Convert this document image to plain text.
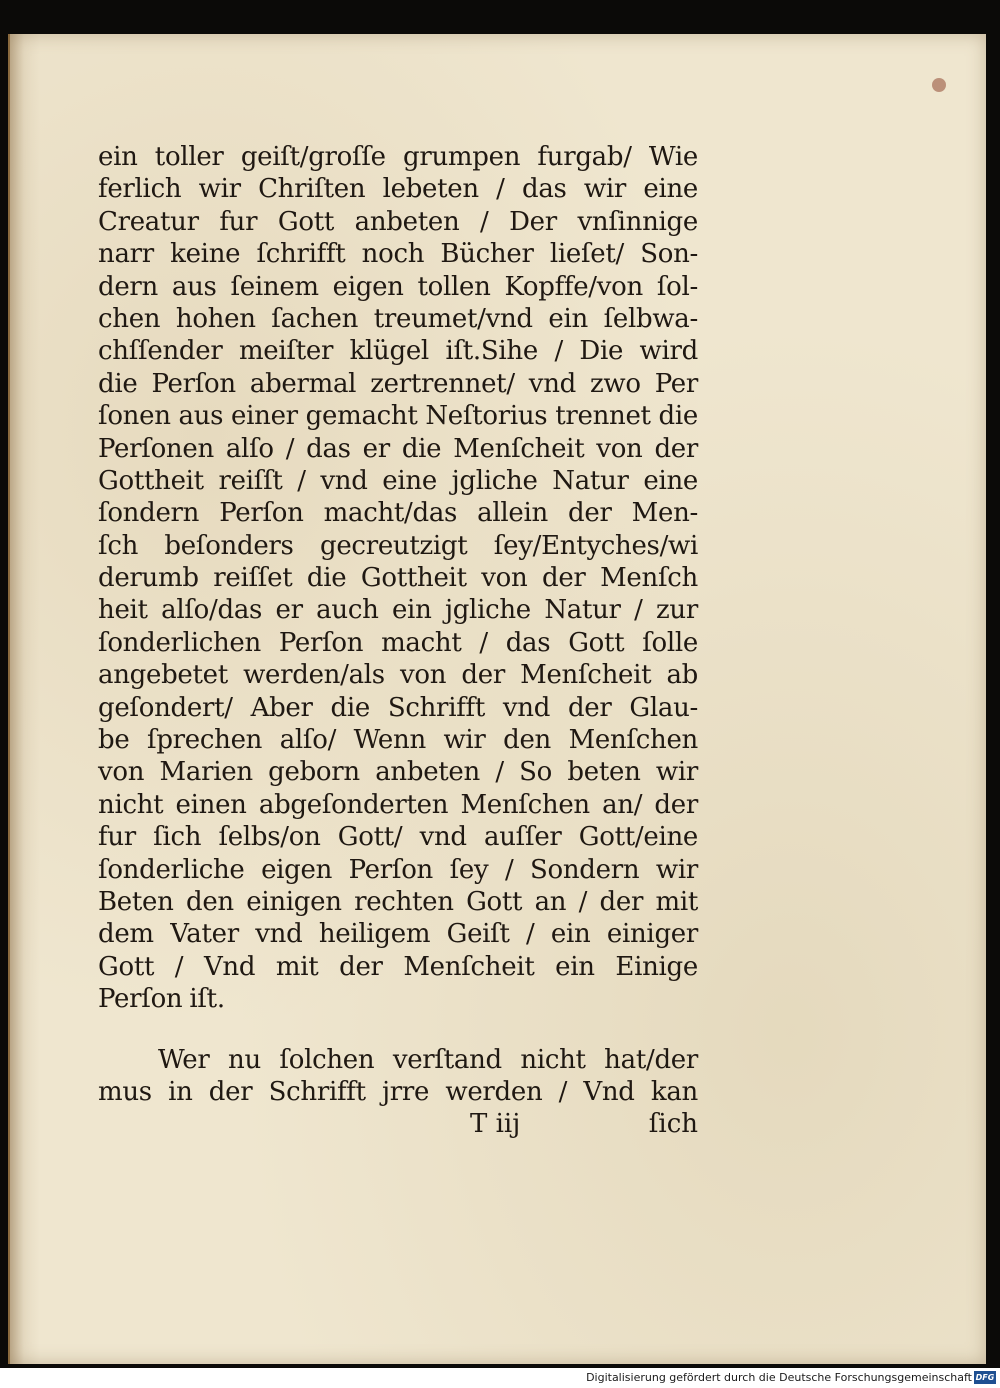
ein toller geiſt/groſſe grumpen furgab/ Wie
ferlich wir Chriſten lebeten / das wir eine
Creatur fur Gott anbeten / Der vnſinnige
narr keine ſchrifft noch Bücher lieſet/ Son-
dern aus ſeinem eigen tollen Kopffe/von ſol-
chen hohen ſachen treumet/vnd ein ſelbwa-
chſſender meiſter klügel iſt.Sihe / Die wird
die Perſon abermal zertrennet/ vnd zwo Per
ſonen aus einer gemacht Neſtorius trennet die
Perſonen alſo / das er die Menſcheit von der
Gottheit reiſſt / vnd eine jgliche Natur eine
ſondern Perſon macht/das allein der Men-
ſch beſonders gecreutzigt ſey/Entyches/wi
derumb reiſſet die Gottheit von der Menſch
heit alſo/das er auch ein jgliche Natur / zur
ſonderlichen Perſon macht / das Gott ſolle
angebetet werden/als von der Menſcheit ab
geſondert/ Aber die Schrifft vnd der Glau-
be ſprechen alſo/ Wenn wir den Menſchen
von Marien geborn anbeten / So beten wir
nicht einen abgeſonderten Menſchen an/ der
fur ſich ſelbs/on Gott/ vnd auſſer Gott/eine
ſonderliche eigen Perſon ſey / Sondern wir
Beten den einigen rechten Gott an / der mit
dem Vater vnd heiligem Geiſt / ein einiger
Gott / Vnd mit der Menſcheit ein Einige
Perſon iſt.
Wer nu ſolchen verſtand nicht hat/der
mus in der Schrifft jrre werden / Vnd kan
T iij	ſich
Digitalisierung gefördert durch die Deutsche Forschungsgemeinschaft DFG
